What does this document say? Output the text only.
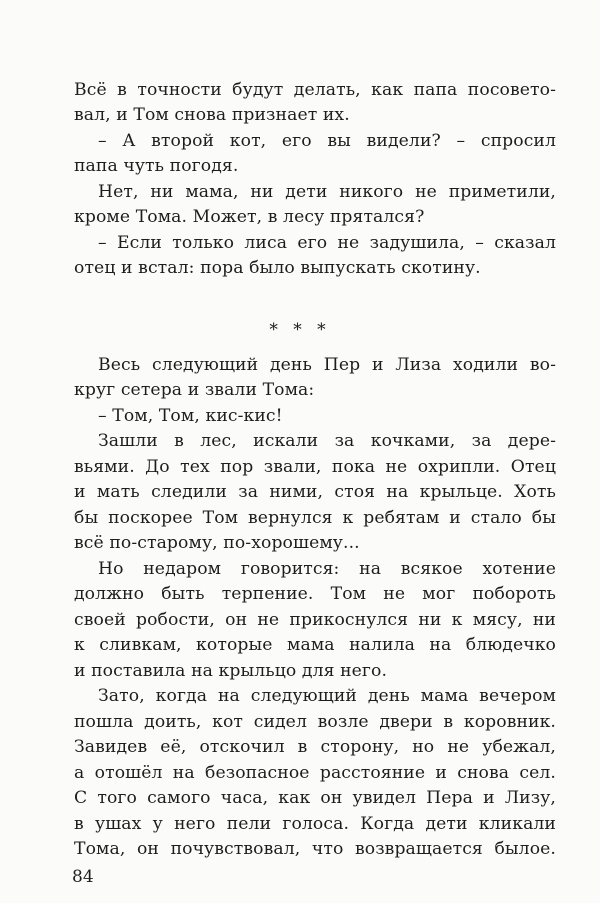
Всё в точности будут делать, как папа посовето-
вал, и Том снова признает их.
– А второй кот, его вы видели? – спросил
папа чуть погодя.
Нет, ни мама, ни дети никого не приметили,
кроме Тома. Может, в лесу прятался?
– Если только лиса его не задушила, – сказал
отец и встал: пора было выпускать скотину.
* * *
Весь следующий день Пер и Лиза ходили во-
круг сетера и звали Тома:
– Том, Том, кис-кис!
Зашли в лес, искали за кочками, за дере-
вьями. До тех пор звали, пока не охрипли. Отец
и мать следили за ними, стоя на крыльце. Хоть
бы поскорее Том вернулся к ребятам и стало бы
всё по-старому, по-хорошему...
Но недаром говорится: на всякое хотение
должно быть терпение. Том не мог побороть
своей робости, он не прикоснулся ни к мясу, ни
к сливкам, которые мама налила на блюдечко
и поставила на крыльцо для него.
Зато, когда на следующий день мама вечером
пошла доить, кот сидел возле двери в коровник.
Завидев её, отскочил в сторону, но не убежал,
а отошёл на безопасное расстояние и снова сел.
С того самого часа, как он увидел Пера и Лизу,
в ушах у него пели голоса. Когда дети кликали
Тома, он почувствовал, что возвращается былое.
84
